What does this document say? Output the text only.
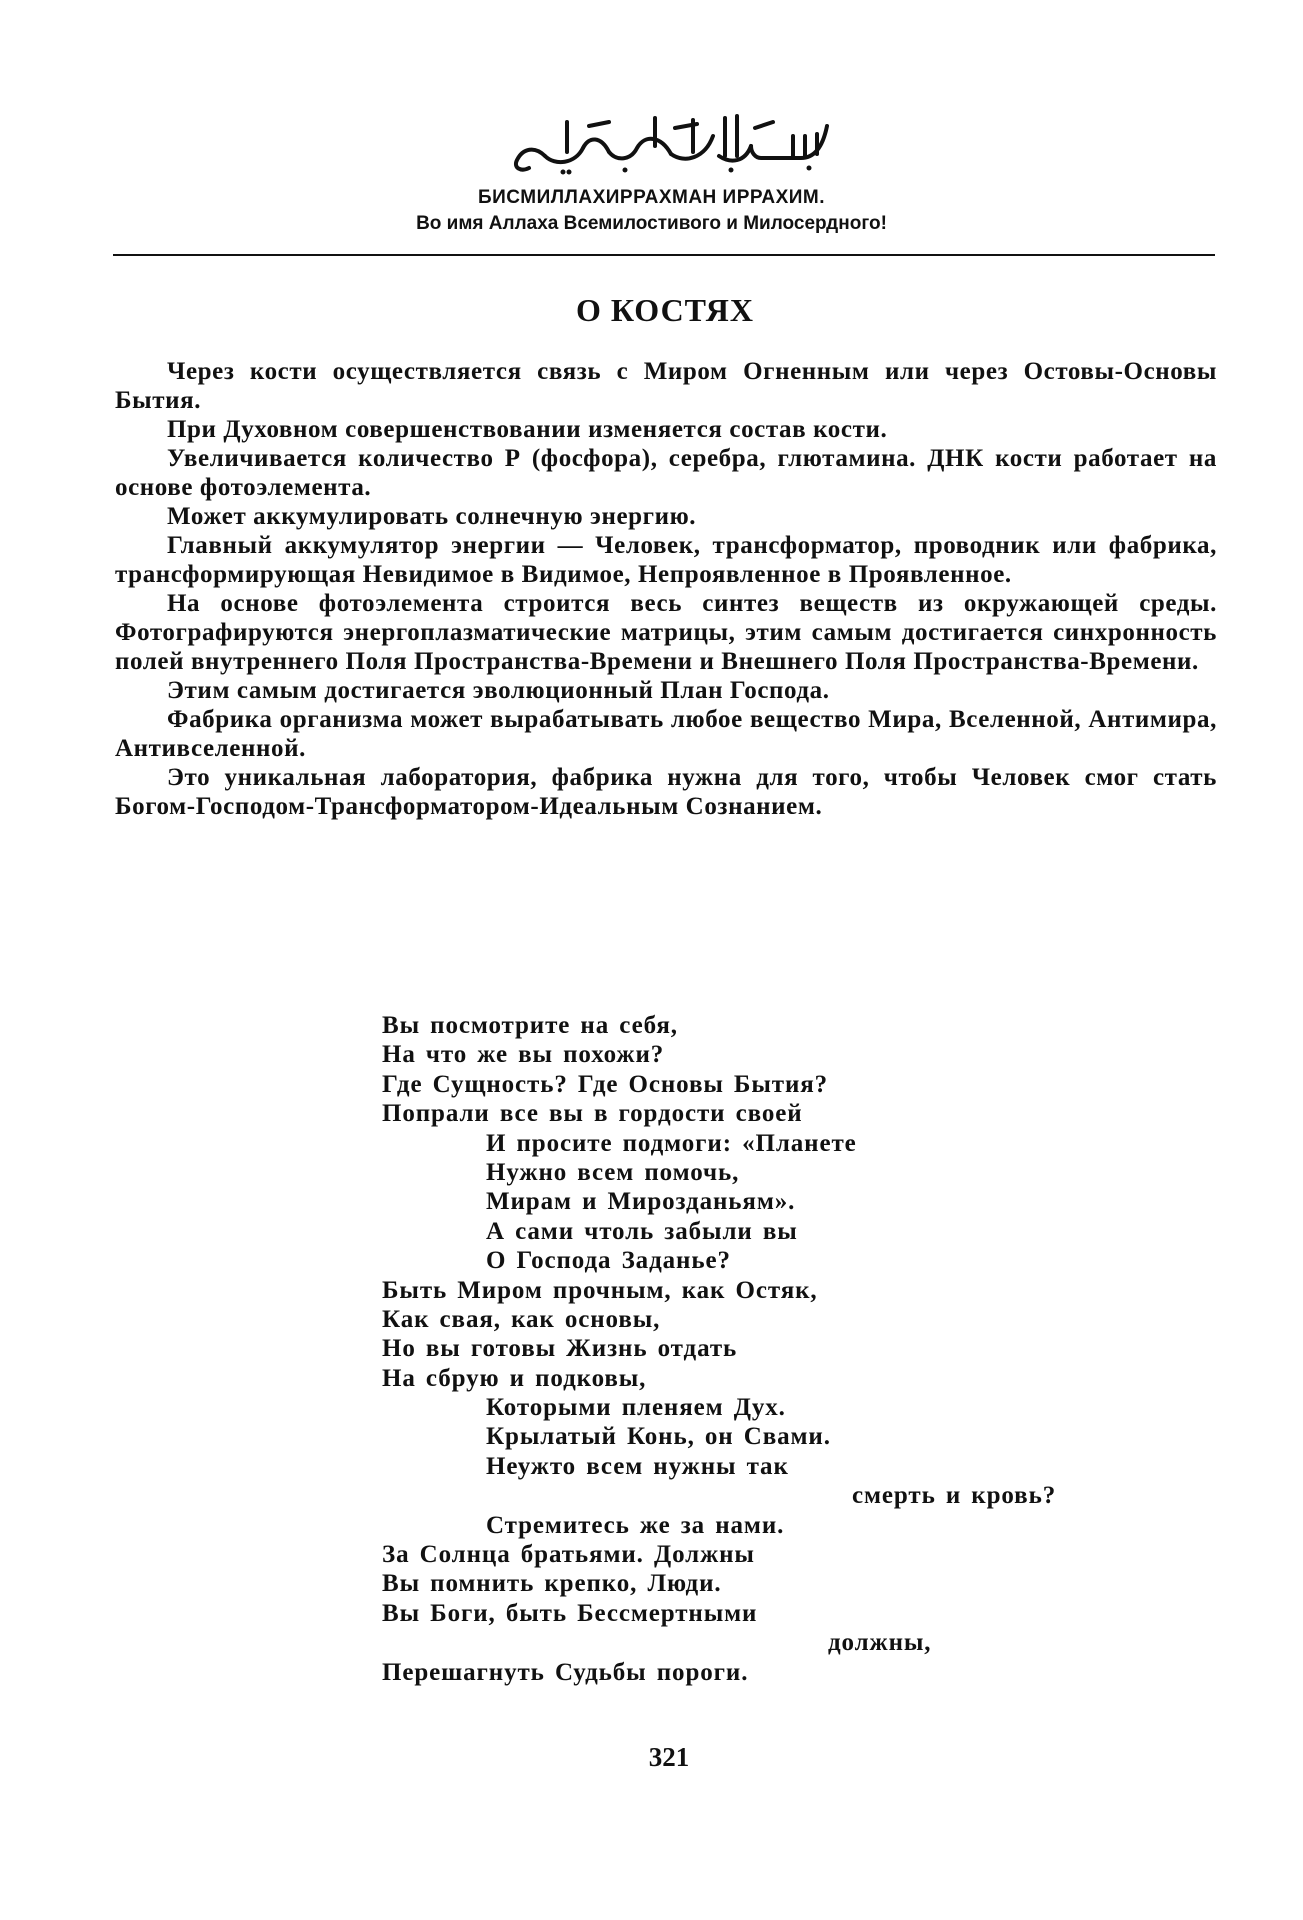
БИСМИЛЛАХИРРАХМАН ИРРАХИМ.
Во имя Аллаха Всемилостивого и Милосердного!
О КОСТЯХ

Через кости осуществляется связь с Миром Огненным или через Остовы-Основы Бытия.

При Духовном совершенствовании изменяется состав кости.

Увеличивается количество Р (фосфора), серебра, глютамина. ДНК кости работает на основе фотоэлемента.

Может аккумулировать солнечную энергию.

Главный аккумулятор энергии — Человек, трансформатор, проводник или фабрика, трансформирующая Невидимое в Видимое, Непроявленное в Проявленное.

На основе фотоэлемента строится весь синтез веществ из окружающей среды. Фотографируются энергоплазматические матрицы, этим самым достигается синхронность полей внутреннего Поля Пространства-Времени и Внешнего Поля Пространства-Времени.

Этим самым достигается эволюционный План Господа.

Фабрика организма может вырабатывать любое вещество Мира, Вселенной, Антимира, Антивселенной.

Это уникальная лаборатория, фабрика нужна для того, чтобы Человек смог стать Богом-Господом-Трансформатором-Идеальным Сознанием.

Вы посмотрите на себя,
На что же вы похожи?
Где Сущность? Где Основы Бытия?
Попрали все вы в гордости своей
И просите подмоги: «Планете
Нужно всем помочь,
Мирам и Мирозданьям».
А сами чтоль забыли вы
О Господа Заданье?
Быть Миром прочным, как Остяк,
Как свая, как основы,
Но вы готовы Жизнь отдать
На сбрую и подковы,
Которыми пленяем Дух.
Крылатый Конь, он Свами.
Неужто всем нужны так
смерть и кровь?
Стремитесь же за нами.
За Солнца братьями. Должны
Вы помнить крепко, Люди.
Вы Боги, быть Бессмертными
должны,
Перешагнуть Судьбы пороги.
321
